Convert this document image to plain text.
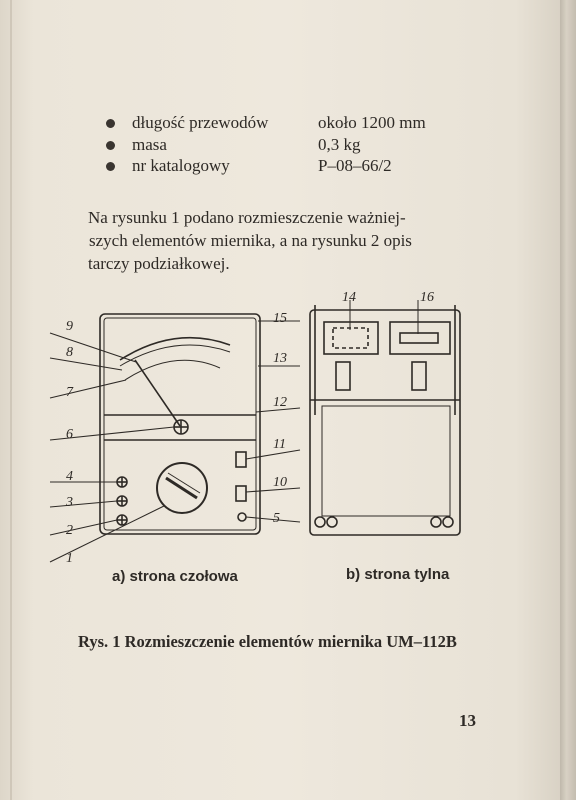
długość przewodów	około 1200 mm
masa	0,3 kg
nr katalogowy	P–08–66/2
Na rysunku 1 podano rozmieszczenie ważniej-
szych elementów miernika, a na rysunku 2 opis
tarczy podziałkowej.
9
8
7
6
4
3
2
1
15
13
12
11
10
5
14	16
a) strona czołowa	b) strona tylna
Rys. 1 Rozmieszczenie elementów miernika UM–112B
13
